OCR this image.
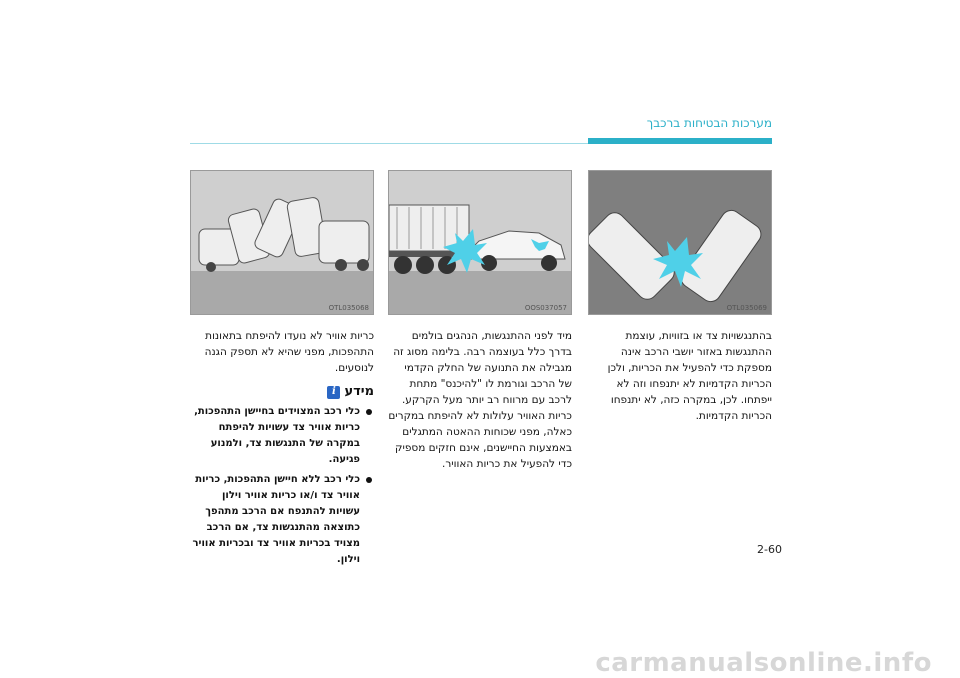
מערכות הבטיחות ברכבך
OTL035068	OOS037057	OTL035069
בהתנגשויות צד או בזוויות, עוצמת ההתנגשות באזור יושבי הרכב אינה מספקת כדי להפעיל את הכריות, ולכן הכריות הקדמיות לא יתנפחו וזה לא ייפתחו. לכן, במקרה כזה, לא יתנפחו הכריות הקדמיות.
מיד לפני ההתנגשות, הנהגים בולמים בדרך כלל בעוצמה רבה. בלימה מסוג זה מגבילה את התנועה של החלק הקדמי של הרכב וגורמת לו "להיכנס" מתחת לרכב עם מרווח רב יותר מעל הקרקע. כריות האוויר עלולות לא להיפתח במקרים כאלה, מפני שכוחות ההאטה המתגלים באמצעות החיישנים, אינם חזקים מספיק כדי להפעיל את כריות האוויר.
כריות אוויר לא נועדו להיפתח בתאונות התהפכות, מפני שהיא לא תספק הגנה לנוסעים.
מידע
i
כלי רכב המצוידים בחיישן התהפכות, כריות אוויר צד עשויות להיפתח במקרה של התנגשות צד, ולמנוע פגיעה.
כלי רכב ללא חיישן התהפכות, כריות אוויר צד ו/או כריות אוויר וילון עשויות להתנפח אם הרכב מתהפך כתוצאה מהתנגשות צד, אם הרכב מצויד בכריות אוויר צד ובכריות אוויר וילון.
2-60
carmanualsonline.info
